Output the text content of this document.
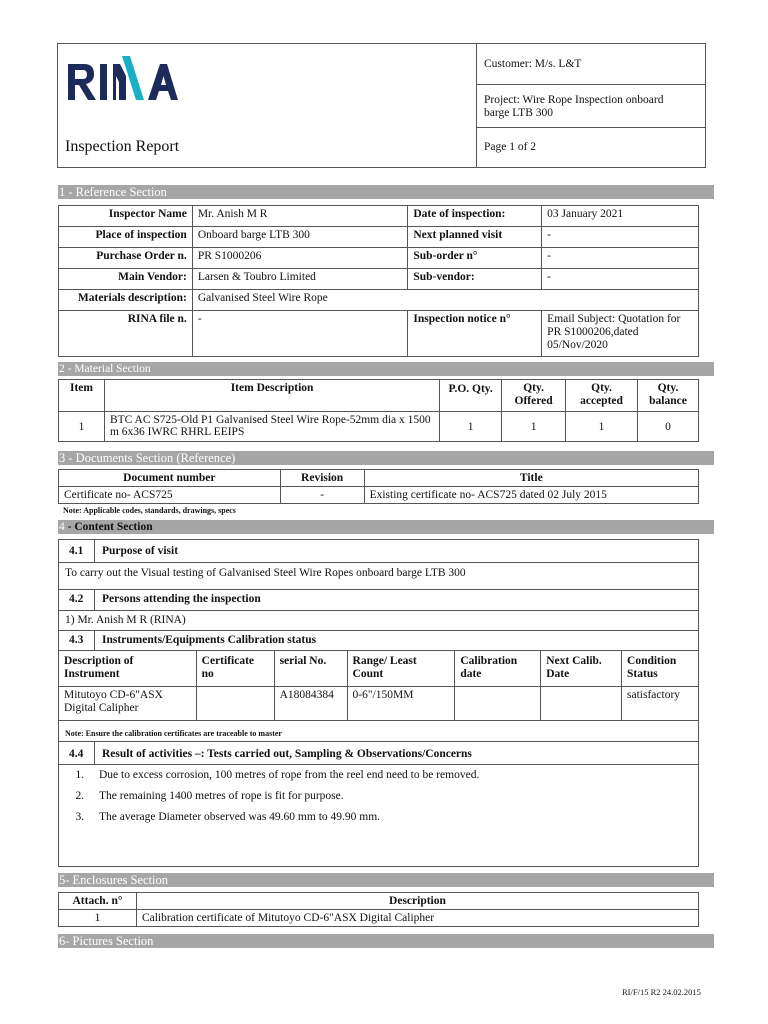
Inspection Report
Customer: M/s. L&T
Project: Wire Rope Inspection onboard barge LTB 300
Page 1 of 2
1 - Reference Section
Inspector Name	Mr. Anish M R	Date of inspection:	03 January 2021
Place of inspection	Onboard barge LTB 300	Next planned visit	-
Purchase Order n.	PR S1000206	Sub-order n°	-
Main Vendor:	Larsen & Toubro Limited	Sub-vendor:	-
Materials description:	Galvanised Steel Wire Rope		
RINA file n.	-	Inspection notice n°	Email Subject: Quotation for PR S1000206,dated 05/Nov/2020
2 - Material Section
Item	Item Description	P.O. Qty.	Qty. Offered	Qty. accepted	Qty. balance
1	BTC AC S725-Old P1 Galvanised Steel Wire Rope-52mm dia x 1500 m 6x36 IWRC RHRL EEIPS	1	1	1	0
3 - Documents Section (Reference)
Document number	Revision	Title
Certificate no- ACS725	-	Existing certificate no- ACS725 dated 02 July 2015
Note: Applicable codes, standards, drawings, specs
4 - Content Section
4.1 Purpose of visit
To carry out the Visual testing of Galvanised Steel Wire Ropes onboard barge LTB 300
4.2 Persons attending the inspection
1) Mr. Anish M R (RINA)
4.3 Instruments/Equipments Calibration status
Description of Instrument	Certificate no	serial No.	Range/ Least Count	Calibration date	Next Calib. Date	Condition Status
Mitutoyo CD-6"ASX Digital Calipher		A18084384	0-6"/150MM			satisfactory
Note: Ensure the calibration certificates are traceable to master
4.4 Result of activities –: Tests carried out, Sampling & Observations/Concerns
1. Due to excess corrosion, 100 metres of rope from the reel end need to be removed.
2. The remaining 1400 metres of rope is fit for purpose.
3. The average Diameter observed was 49.60 mm to 49.90 mm.
5- Enclosures Section
Attach. n°	Description
1	Calibration certificate of Mitutoyo CD-6"ASX Digital Calipher
6- Pictures Section
RI/F/15 R2 24.02.2015
